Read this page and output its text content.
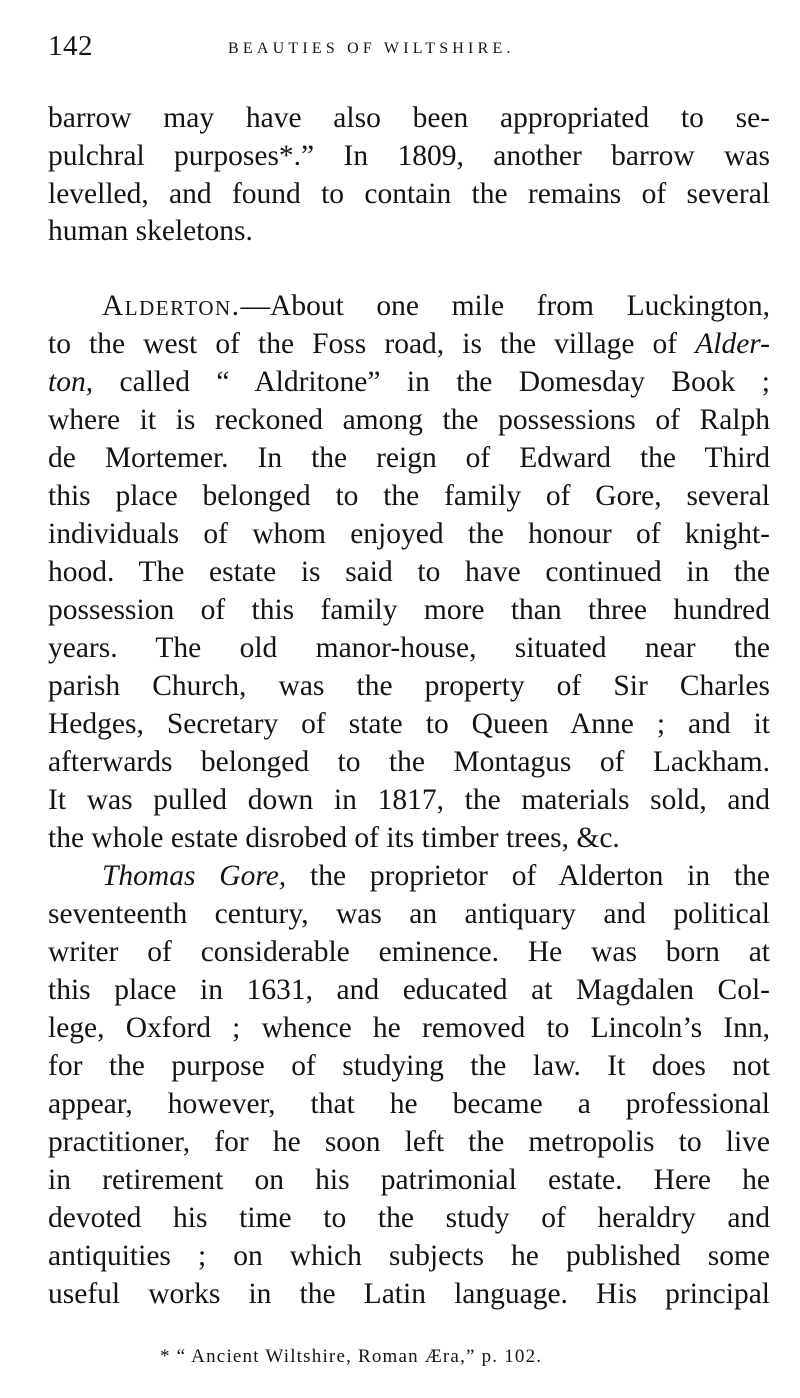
142	BEAUTIES OF WILTSHIRE.
barrow may have also been appropriated to se-
pulchral purposes*.” In 1809, another barrow was
levelled, and found to contain the remains of several
human skeletons.
Alderton.—About one mile from Luckington,
to the west of the Foss road, is the village of Alder-
ton, called “ Aldritone” in the Domesday Book ;
where it is reckoned among the possessions of Ralph
de Mortemer. In the reign of Edward the Third
this place belonged to the family of Gore, several
individuals of whom enjoyed the honour of knight-
hood. The estate is said to have continued in the
possession of this family more than three hundred
years. The old manor-house, situated near the
parish Church, was the property of Sir Charles
Hedges, Secretary of state to Queen Anne ; and it
afterwards belonged to the Montagus of Lackham.
It was pulled down in 1817, the materials sold, and
the whole estate disrobed of its timber trees, &c.
Thomas Gore, the proprietor of Alderton in the
seventeenth century, was an antiquary and political
writer of considerable eminence. He was born at
this place in 1631, and educated at Magdalen Col-
lege, Oxford ; whence he removed to Lincoln’s Inn,
for the purpose of studying the law. It does not
appear, however, that he became a professional
practitioner, for he soon left the metropolis to live
in retirement on his patrimonial estate. Here he
devoted his time to the study of heraldry and
antiquities ; on which subjects he published some
useful works in the Latin language. His principal
* “ Ancient Wiltshire, Roman Æra,” p. 102.
